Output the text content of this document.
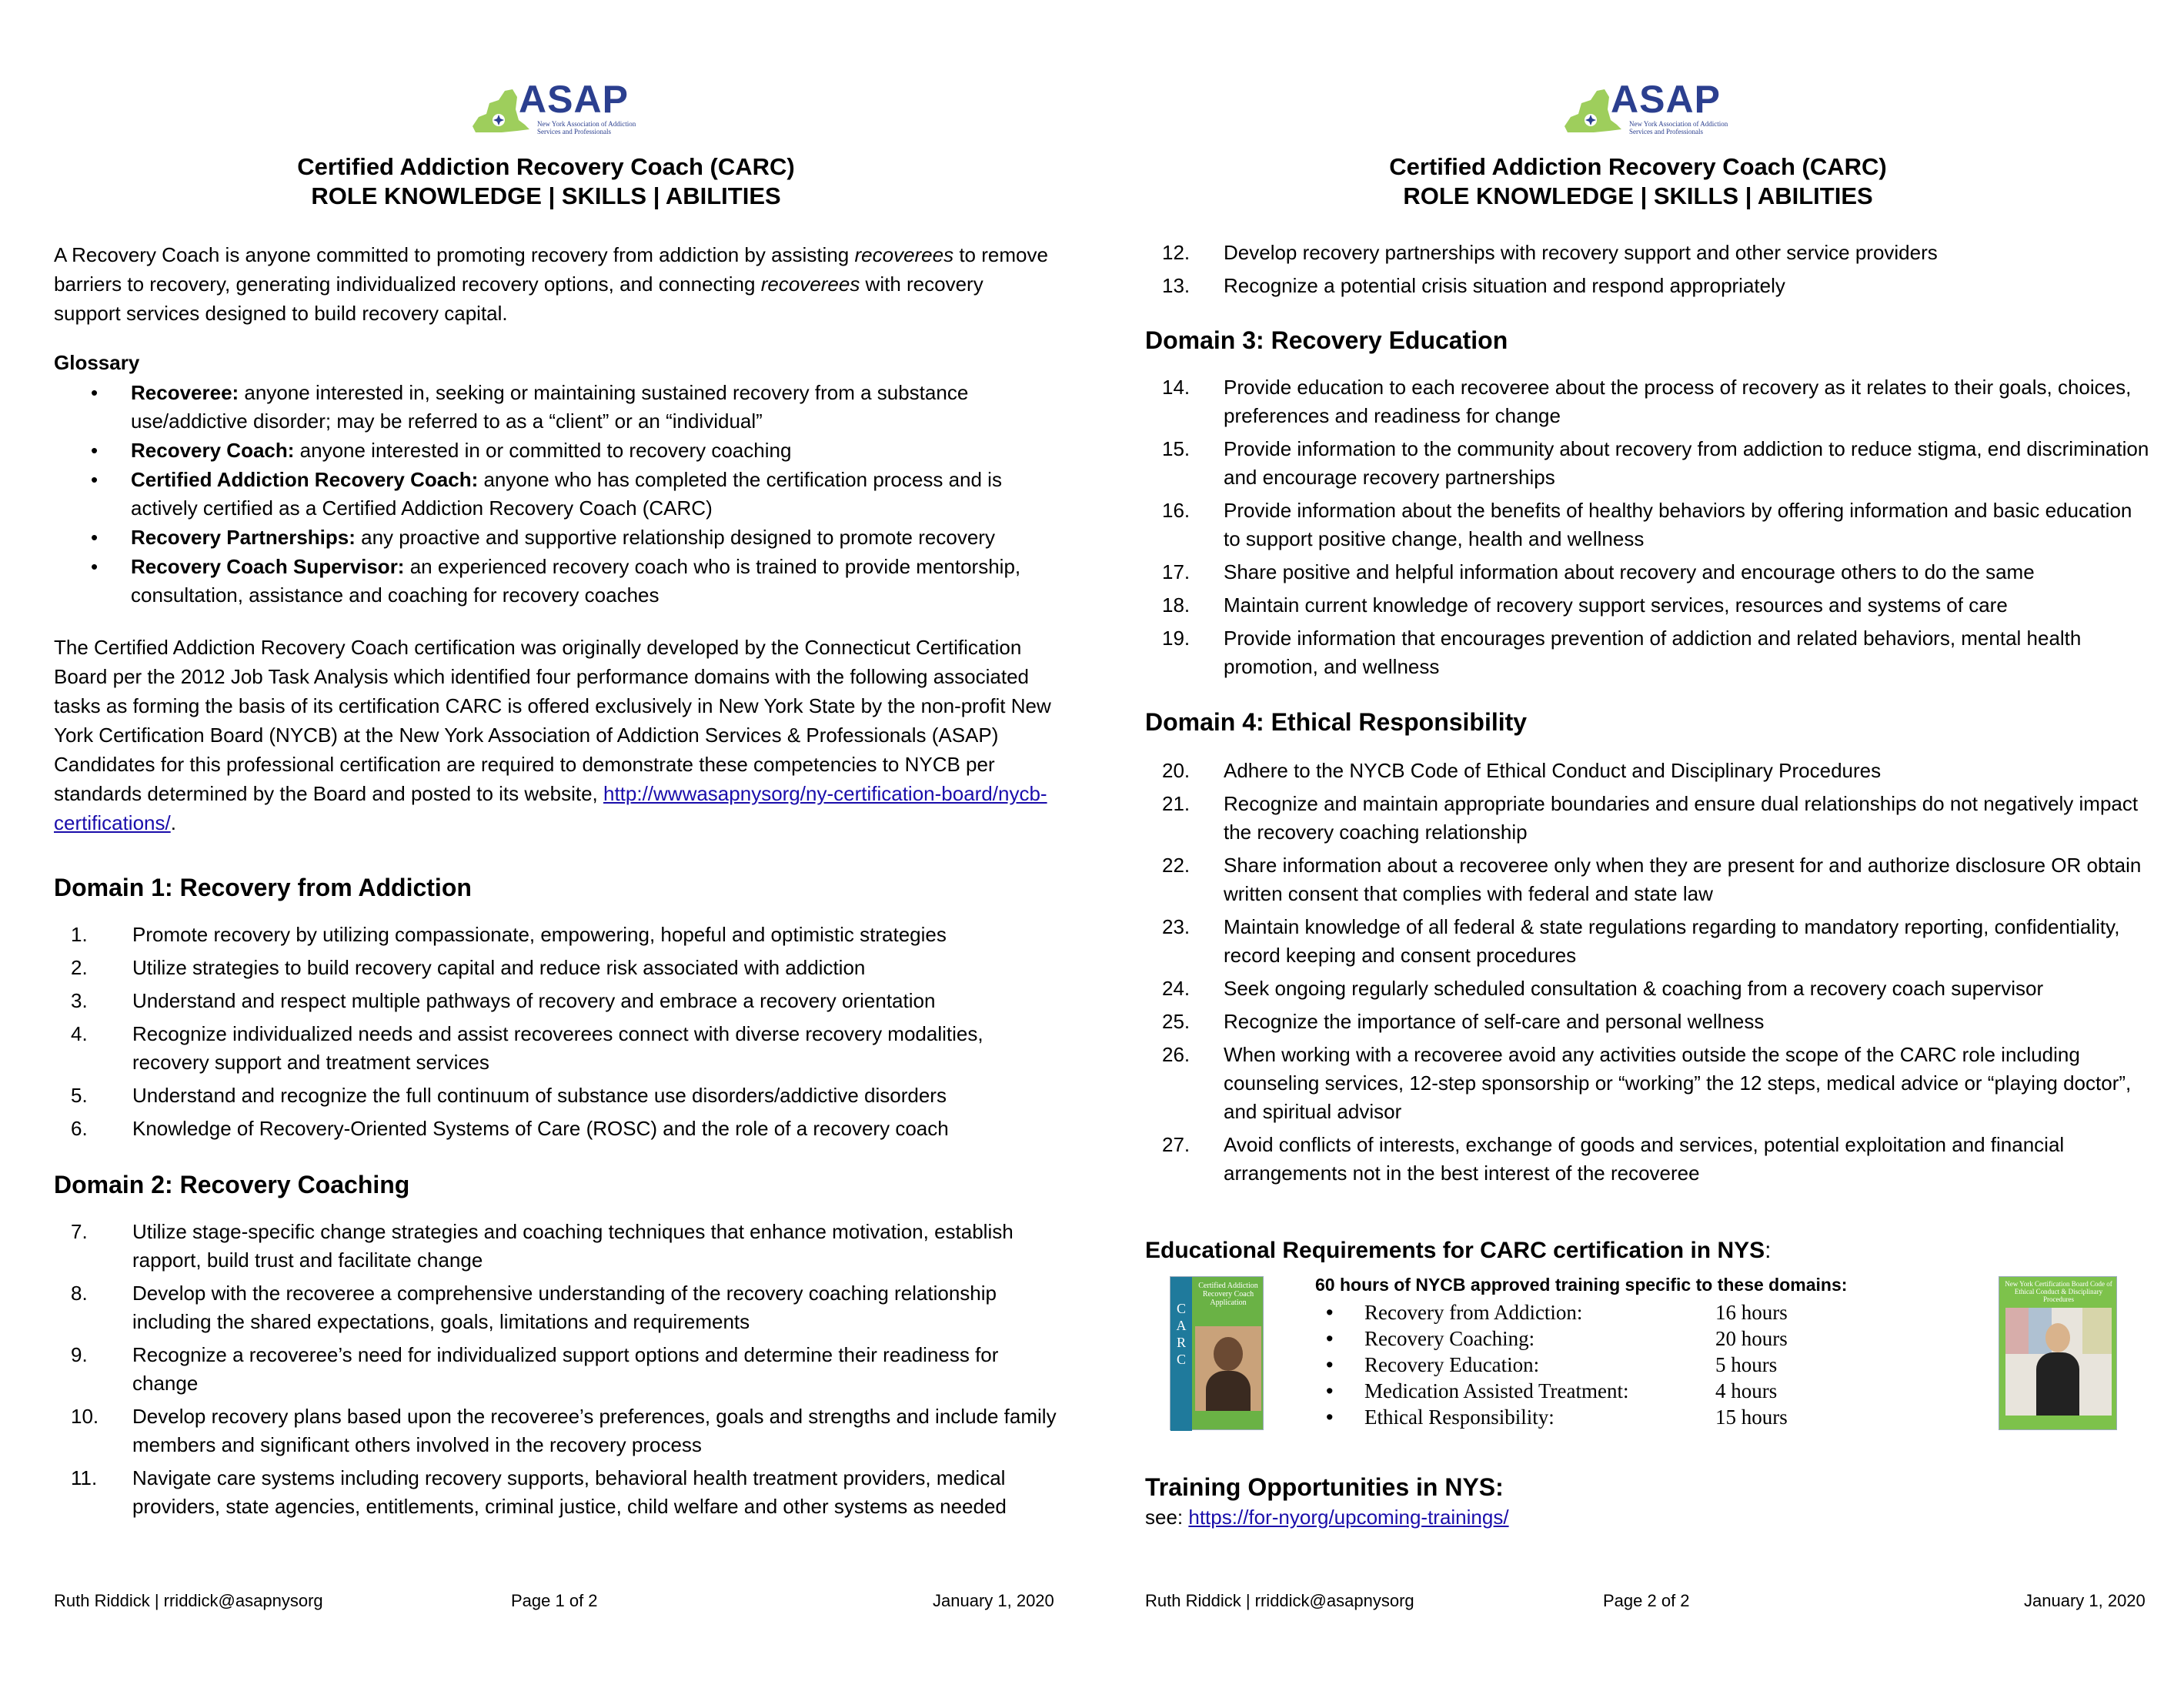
ASAP
New York Association of Addiction Services and Professionals
Certified Addiction Recovery Coach (CARC)
ROLE KNOWLEDGE | SKILLS | ABILITIES
A Recovery Coach is anyone committed to promoting recovery from addiction by assisting recoverees to remove barriers to recovery, generating individualized recovery options, and connecting recoverees with recovery support services designed to build recovery capital.
Glossary
• Recoveree: anyone interested in, seeking or maintaining sustained recovery from a substance use/addictive disorder; may be referred to as a “client” or an “individual”
• Recovery Coach: anyone interested in or committed to recovery coaching
• Certified Addiction Recovery Coach: anyone who has completed the certification process and is actively certified as a Certified Addiction Recovery Coach (CARC)
• Recovery Partnerships: any proactive and supportive relationship designed to promote recovery
• Recovery Coach Supervisor: an experienced recovery coach who is trained to provide mentorship, consultation, assistance and coaching for recovery coaches
The Certified Addiction Recovery Coach certification was originally developed by the Connecticut Certification Board per the 2012 Job Task Analysis which identified four performance domains with the following associated tasks as forming the basis of its certification CARC is offered exclusively in New York State by the non-profit New York Certification Board (NYCB) at the New York Association of Addiction Services & Professionals (ASAP) Candidates for this professional certification are required to demonstrate these competencies to NYCB per standards determined by the Board and posted to its website, http://wwwasapnysorg/ny-certification-board/nycb-certifications/.
Domain 1: Recovery from Addiction
1. Promote recovery by utilizing compassionate, empowering, hopeful and optimistic strategies
2. Utilize strategies to build recovery capital and reduce risk associated with addiction
3. Understand and respect multiple pathways of recovery and embrace a recovery orientation
4. Recognize individualized needs and assist recoverees connect with diverse recovery modalities, recovery support and treatment services
5. Understand and recognize the full continuum of substance use disorders/addictive disorders
6. Knowledge of Recovery-Oriented Systems of Care (ROSC) and the role of a recovery coach
Domain 2: Recovery Coaching
7. Utilize stage-specific change strategies and coaching techniques that enhance motivation, establish rapport, build trust and facilitate change
8. Develop with the recoveree a comprehensive understanding of the recovery coaching relationship including the shared expectations, goals, limitations and requirements
9. Recognize a recoveree’s need for individualized support options and determine their readiness for change
10. Develop recovery plans based upon the recoveree’s preferences, goals and strengths and include family members and significant others involved in the recovery process
11. Navigate care systems including recovery supports, behavioral health treatment providers, medical providers, state agencies, entitlements, criminal justice, child welfare and other systems as needed
Ruth Riddick | rriddick@asapnysorg	Page 1 of 2	January 1, 2020
ASAP
New York Association of Addiction Services and Professionals
Certified Addiction Recovery Coach (CARC)
ROLE KNOWLEDGE | SKILLS | ABILITIES
12. Develop recovery partnerships with recovery support and other service providers
13. Recognize a potential crisis situation and respond appropriately
Domain 3: Recovery Education
14. Provide education to each recoveree about the process of recovery as it relates to their goals, choices, preferences and readiness for change
15. Provide information to the community about recovery from addiction to reduce stigma, end discrimination and encourage recovery partnerships
16. Provide information about the benefits of healthy behaviors by offering information and basic education to support positive change, health and wellness
17. Share positive and helpful information about recovery and encourage others to do the same
18. Maintain current knowledge of recovery support services, resources and systems of care
19. Provide information that encourages prevention of addiction and related behaviors, mental health promotion, and wellness
Domain 4: Ethical Responsibility
20. Adhere to the NYCB Code of Ethical Conduct and Disciplinary Procedures
21. Recognize and maintain appropriate boundaries and ensure dual relationships do not negatively impact the recovery coaching relationship
22. Share information about a recoveree only when they are present for and authorize disclosure OR obtain written consent that complies with federal and state law
23. Maintain knowledge of all federal & state regulations regarding to mandatory reporting, confidentiality, record keeping and consent procedures
24. Seek ongoing regularly scheduled consultation & coaching from a recovery coach supervisor
25. Recognize the importance of self-care and personal wellness
26. When working with a recoveree avoid any activities outside the scope of the CARC role including counseling services, 12-step sponsorship or “working” the 12 steps, medical advice or “playing doctor”, and spiritual advisor
27. Avoid conflicts of interests, exchange of goods and services, potential exploitation and financial arrangements not in the best interest of the recoveree
Educational Requirements for CARC certification in NYS:
CARC
Certified Addiction Recovery Coach Application
60 hours of NYCB approved training specific to these domains:
• Recovery from Addiction:	16 hours
• Recovery Coaching:	20 hours
• Recovery Education:	5 hours
• Medication Assisted Treatment:	4 hours
• Ethical Responsibility:	15 hours
New York Certification Board Code of Ethical Conduct & Disciplinary Procedures
Training Opportunities in NYS:
see: https://for-nyorg/upcoming-trainings/
Ruth Riddick | rriddick@asapnysorg	Page 2 of 2	January 1, 2020
